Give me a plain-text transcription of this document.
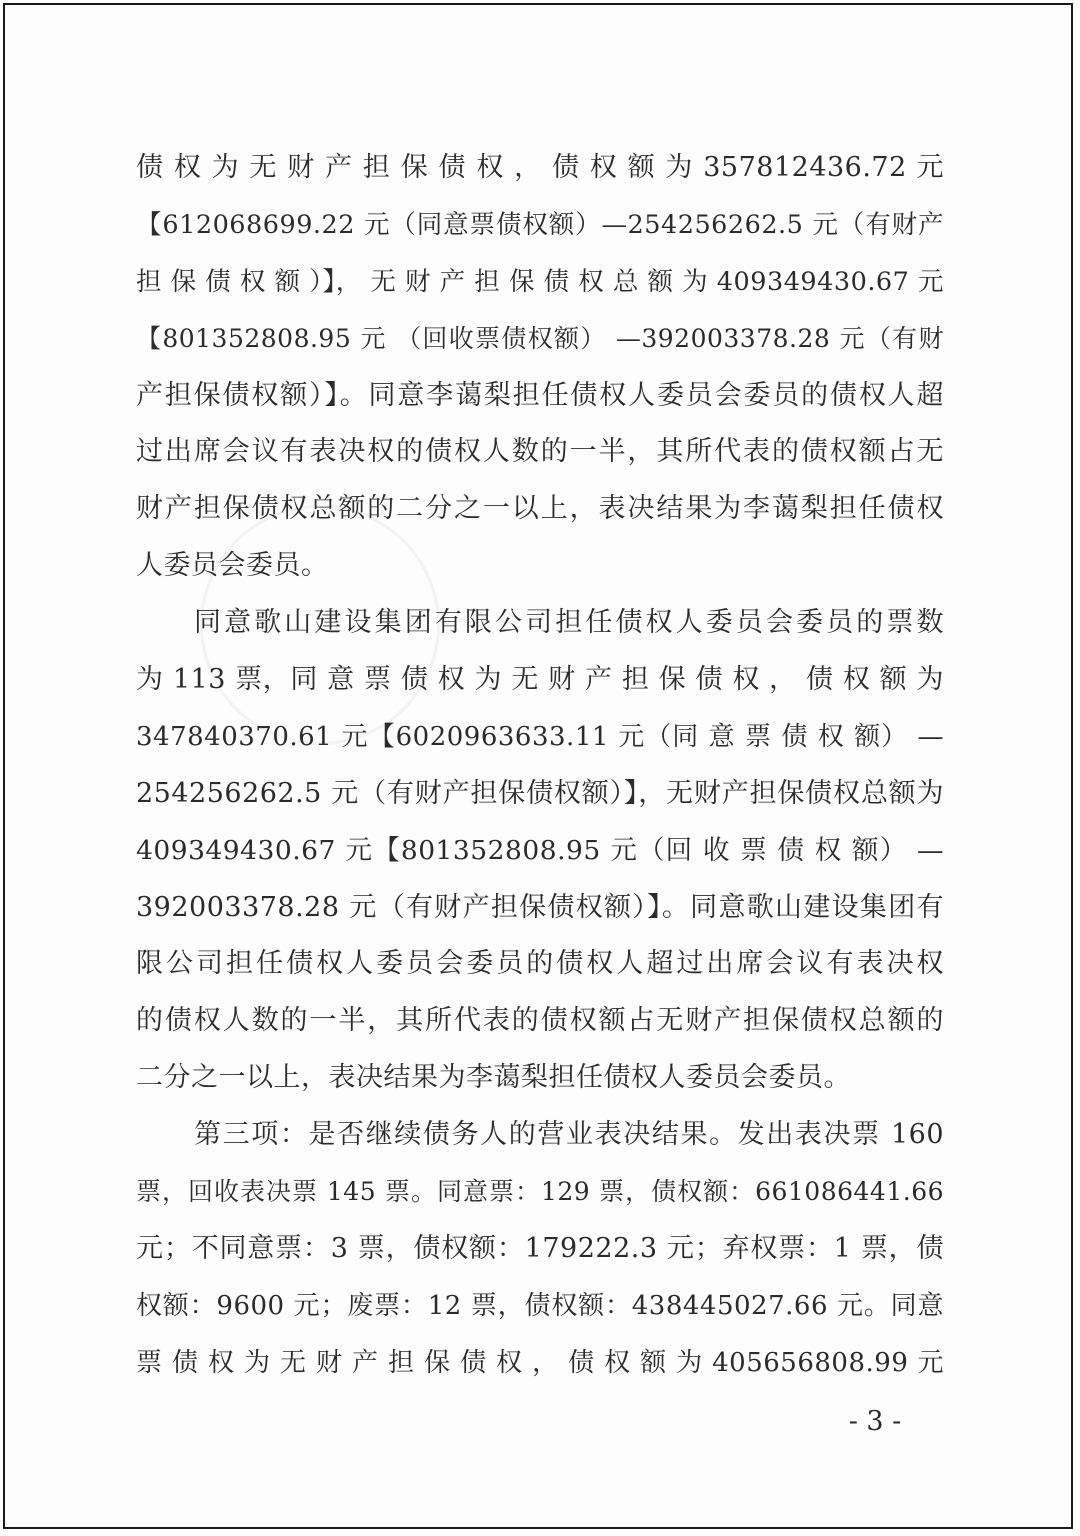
债 权 为 无 财 产 担 保 债 权 ， 债 权 额 为 357812436.72 元
【612068699.22 元（同意票债权额）—254256262.5 元（有财产
担 保 债 权 额 ）】， 无 财 产 担 保 债 权 总 额 为 409349430.67 元
【801352808.95 元 （回收票债权额） —392003378.28 元（有财
产担保债权额）】。同意李蔼梨担任债权人委员会委员的债权人超
过出席会议有表决权的债权人数的一半，其所代表的债权额占无
财产担保债权总额的二分之一以上，表决结果为李蔼梨担任债权
人委员会委员。
同意歌山建设集团有限公司担任债权人委员会委员的票数
为 113 票，同 意 票 债 权 为 无 财 产 担 保 债 权 ， 债 权 额 为
347840370.61 元【6020963633.11 元（同 意 票 债 权 额） —
254256262.5 元（有财产担保债权额）】，无财产担保债权总额为
409349430.67 元【801352808.95 元（回 收 票 债 权 额） —
392003378.28 元（有财产担保债权额）】。同意歌山建设集团有
限公司担任债权人委员会委员的债权人超过出席会议有表决权
的债权人数的一半，其所代表的债权额占无财产担保债权总额的
二分之一以上，表决结果为李蔼梨担任债权人委员会委员。
第三项：是否继续债务人的营业表决结果。发出表决票 160
票，回收表决票 145 票。同意票：129 票，债权额：661086441.66
元；不同意票：3 票，债权额：179222.3 元；弃权票：1 票，债
权额：9600 元；废票：12 票，债权额：438445027.66 元。同意
票 债 权 为 无 财 产 担 保 债 权 ， 债 权 额 为 405656808.99 元
- 3 -
